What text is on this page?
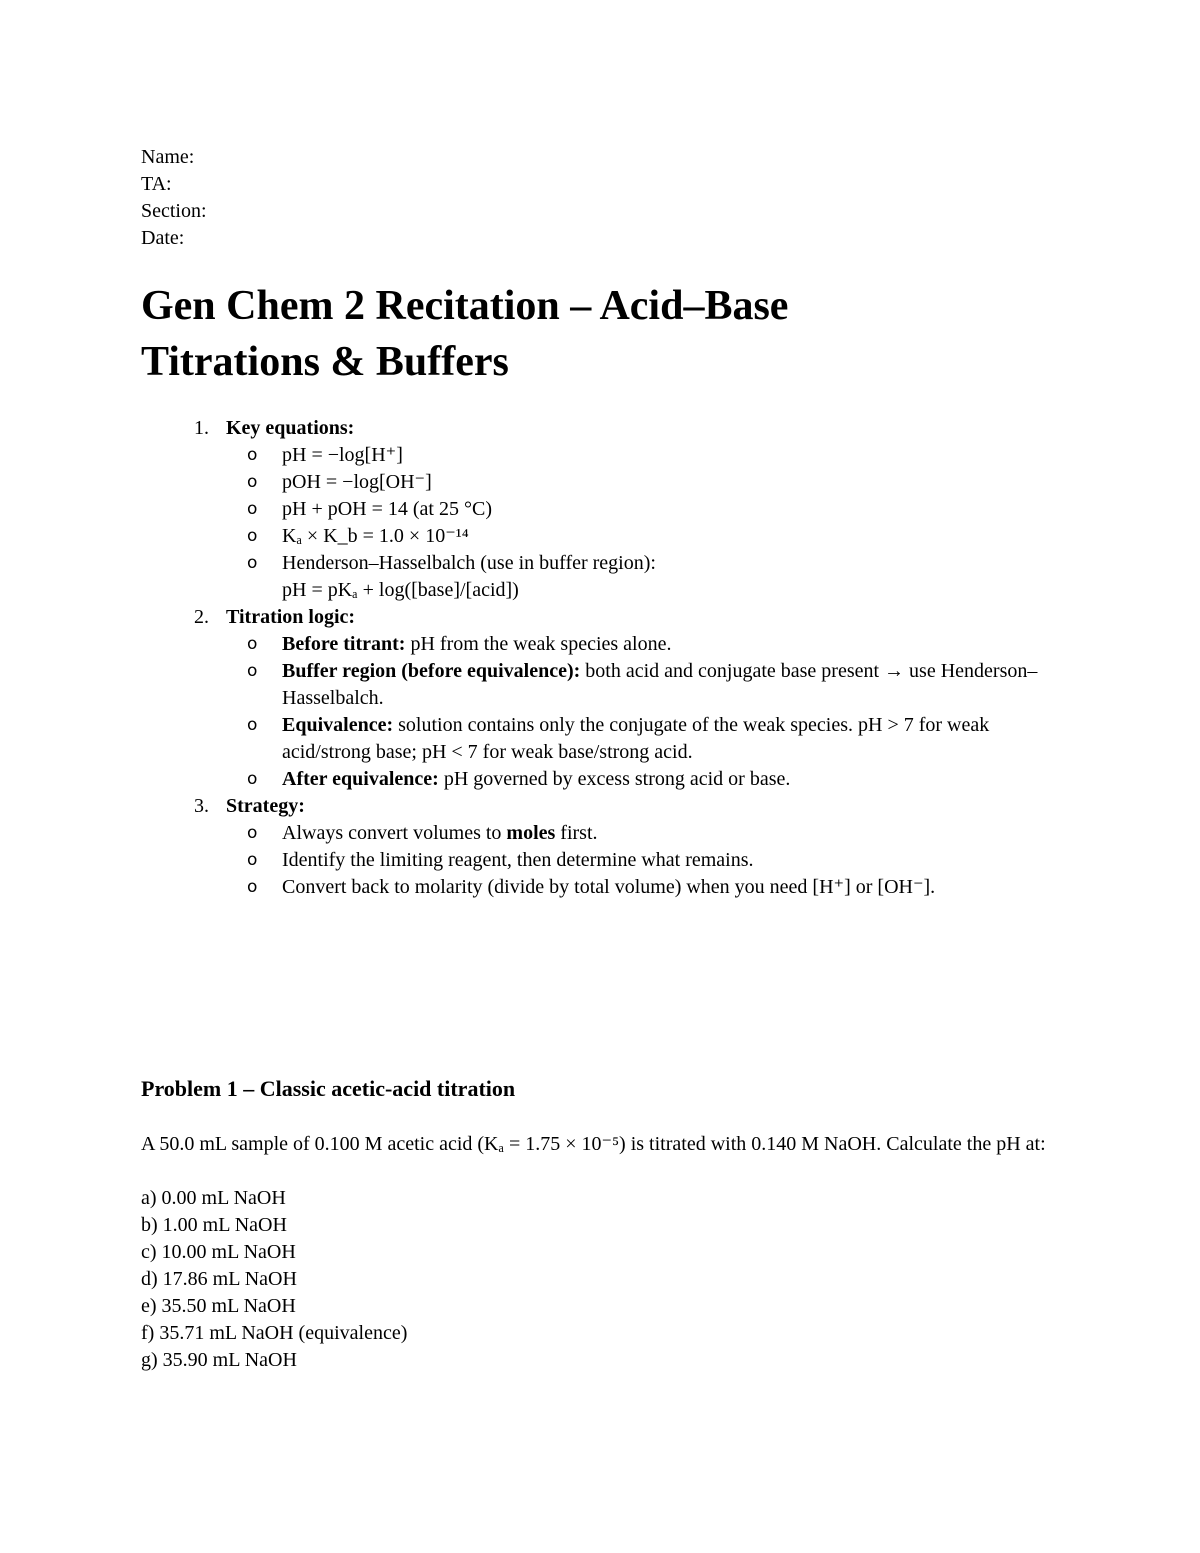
Name:
TA:
Section:
Date:
Gen Chem 2 Recitation – Acid–Base
Titrations & Buffers
1. Key equations:
o pH = −log[H⁺]
o pOH = −log[OH⁻]
o pH + pOH = 14 (at 25 °C)
o Kₐ × K_b = 1.0 × 10⁻¹⁴
o Henderson–Hasselbalch (use in buffer region):
pH = pKₐ + log([base]/[acid])
2. Titration logic:
o Before titrant: pH from the weak species alone.
o Buffer region (before equivalence): both acid and conjugate base present → use Henderson–Hasselbalch.
o Equivalence: solution contains only the conjugate of the weak species. pH > 7 for weak acid/strong base; pH < 7 for weak base/strong acid.
o After equivalence: pH governed by excess strong acid or base.
3. Strategy:
o Always convert volumes to moles first.
o Identify the limiting reagent, then determine what remains.
o Convert back to molarity (divide by total volume) when you need [H⁺] or [OH⁻].
Problem 1 – Classic acetic-acid titration
A 50.0 mL sample of 0.100 M acetic acid (Kₐ = 1.75 × 10⁻⁵) is titrated with 0.140 M NaOH. Calculate the pH at:
a) 0.00 mL NaOH
b) 1.00 mL NaOH
c) 10.00 mL NaOH
d) 17.86 mL NaOH
e) 35.50 mL NaOH
f) 35.71 mL NaOH (equivalence)
g) 35.90 mL NaOH
